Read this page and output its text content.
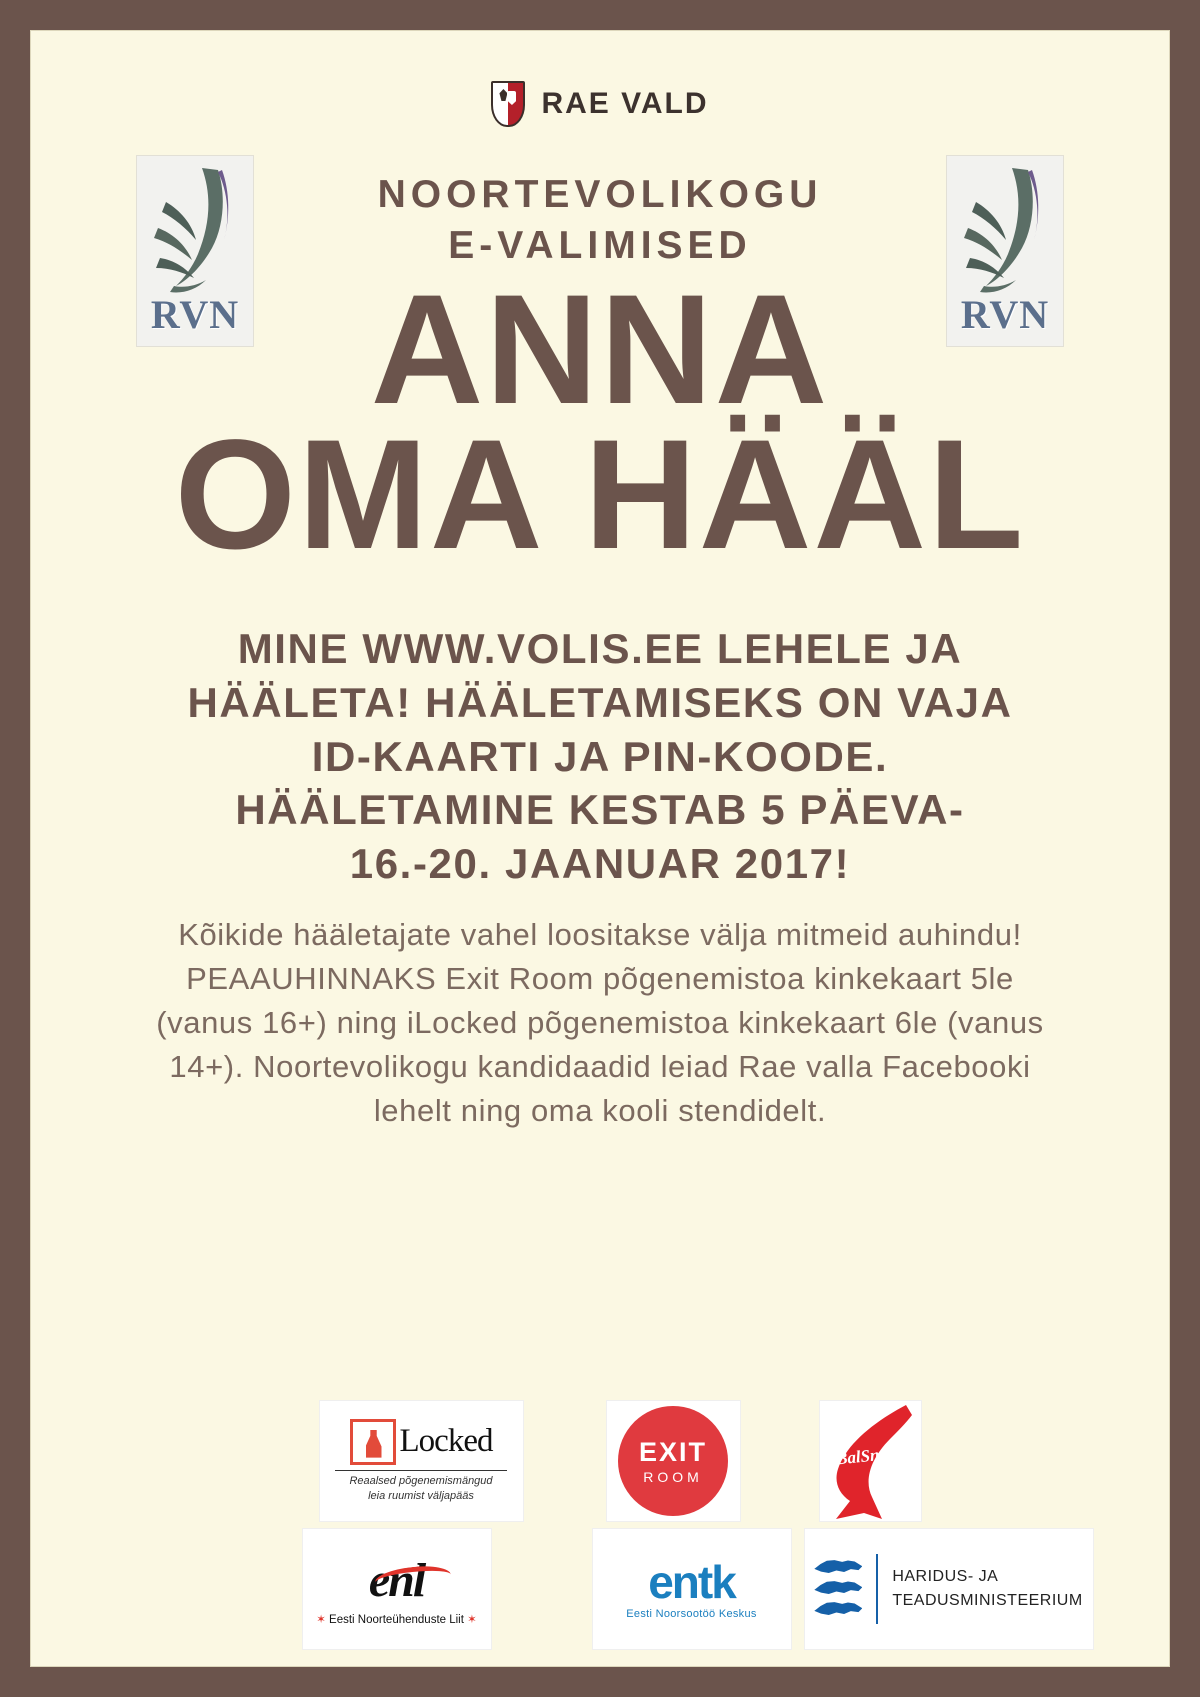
RAE VALD
RVN
NOORTEVOLIKOGU
E-VALIMISED
RVN
ANNA
OMA HÄÄL
MINE WWW.VOLIS.EE LEHELE JA HÄÄLETA! HÄÄLETAMISEKS ON VAJA ID-KAARTI JA PIN-KOODE. HÄÄLETAMINE KESTAB 5 PÄEVA- 16.-20. JAANUAR 2017!
Kõikide hääletajate vahel loositakse välja mitmeid auhindu! PEAAUHINNAKS Exit Room põgenemistoa kinkekaart 5le (vanus 16+) ning iLocked põgenemistoa kinkekaart 6le (vanus 14+). Noortevolikogu kandidaadid leiad Rae valla Facebooki lehelt ning oma kooli stendidelt.
Locked
Reaalsed põgenemismängud
leia ruumist väljapääs
EXIT
ROOM
BalSnack
enl
✶ Eesti Noorteühenduste Liit ✶
entk
Eesti Noorsootöö Keskus
HARIDUS- JA
TEADUSMINISTEERIUM
